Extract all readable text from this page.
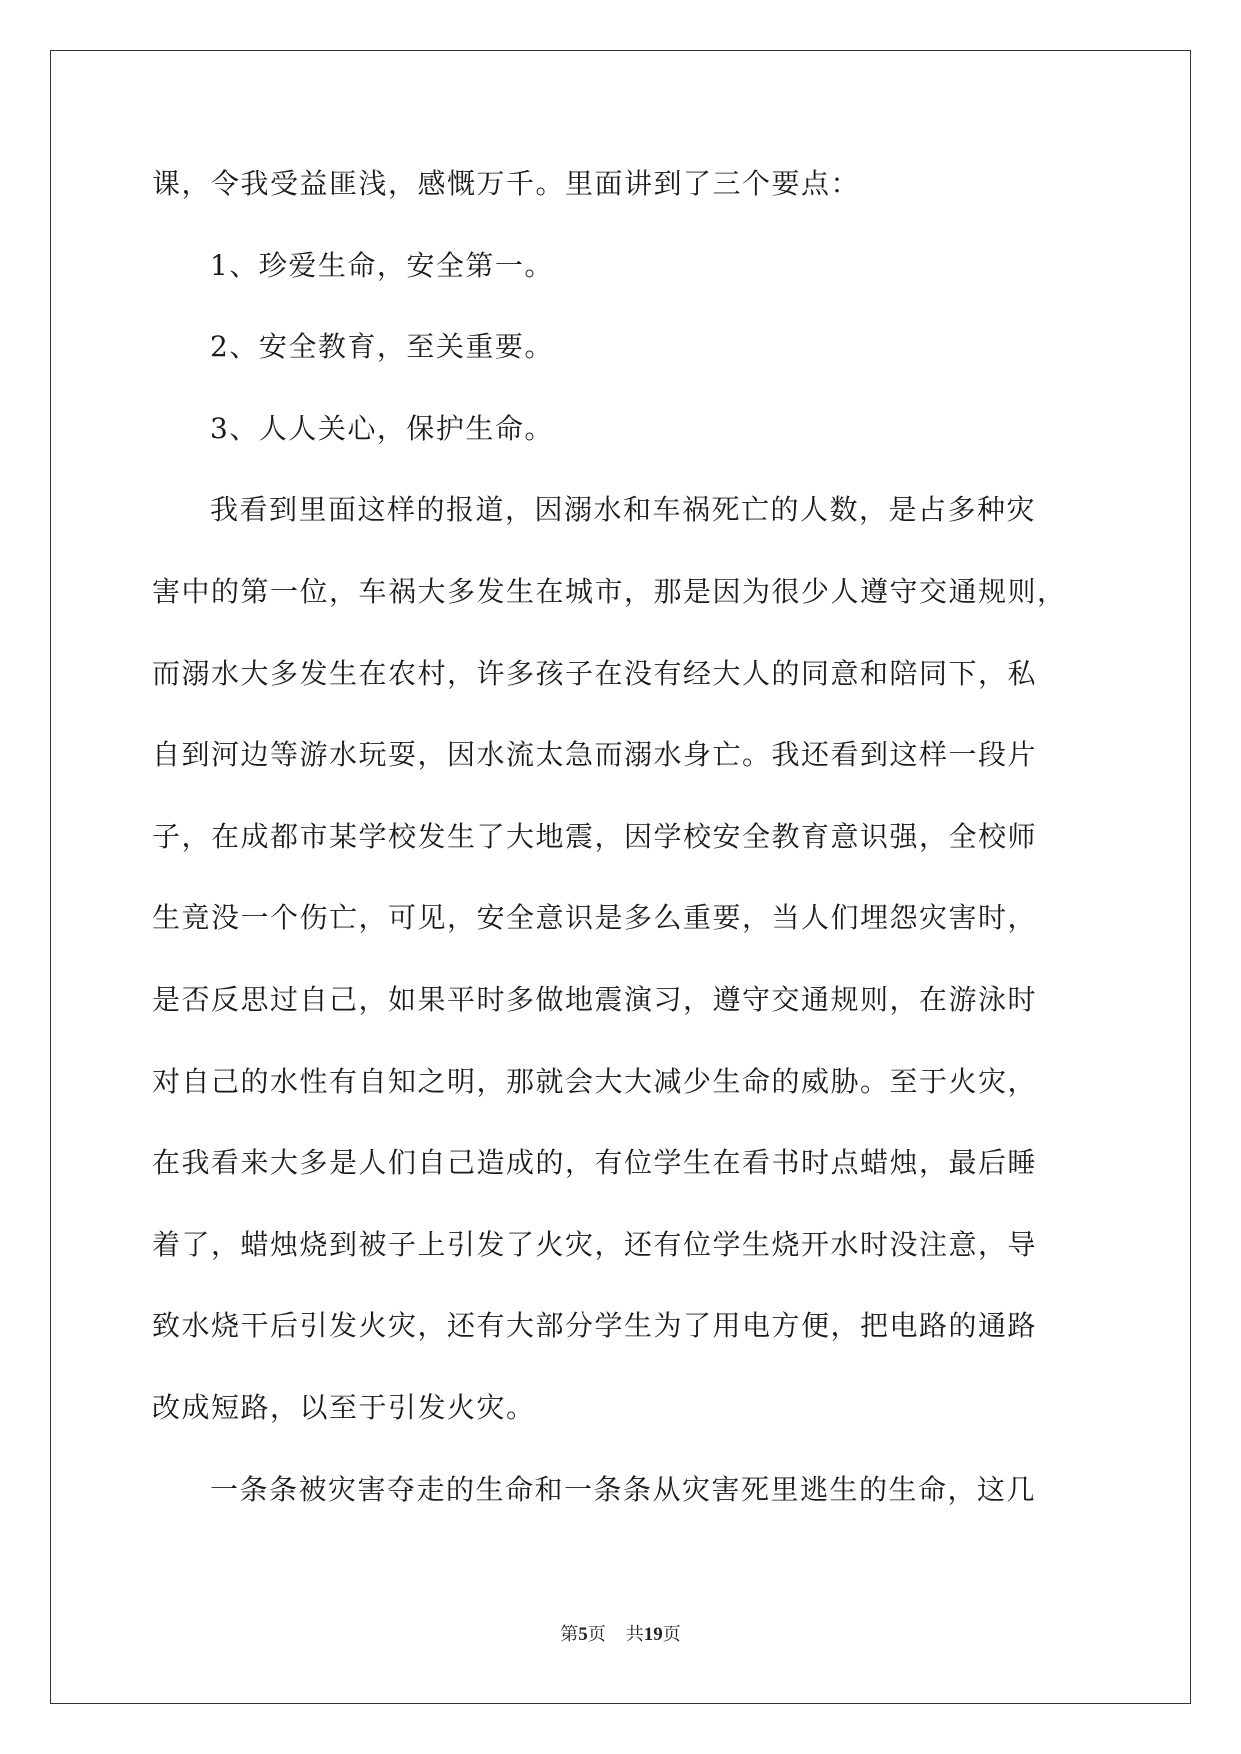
课，令我受益匪浅，感慨万千。里面讲到了三个要点：
1、珍爱生命，安全第一。
2、安全教育，至关重要。
3、人人关心，保护生命。
我看到里面这样的报道，因溺水和车祸死亡的人数，是占多种灾
害中的第一位，车祸大多发生在城市，那是因为很少人遵守交通规则，
而溺水大多发生在农村，许多孩子在没有经大人的同意和陪同下，私
自到河边等游水玩耍，因水流太急而溺水身亡。我还看到这样一段片
子，在成都市某学校发生了大地震，因学校安全教育意识强，全校师
生竟没一个伤亡，可见，安全意识是多么重要，当人们埋怨灾害时，
是否反思过自己，如果平时多做地震演习，遵守交通规则，在游泳时
对自己的水性有自知之明，那就会大大减少生命的威胁。至于火灾，
在我看来大多是人们自己造成的，有位学生在看书时点蜡烛，最后睡
着了，蜡烛烧到被子上引发了火灾，还有位学生烧开水时没注意，导
致水烧干后引发火灾，还有大部分学生为了用电方便，把电路的通路
改成短路，以至于引发火灾。
一条条被灾害夺走的生命和一条条从灾害死里逃生的生命，这几
第5页 共19页
